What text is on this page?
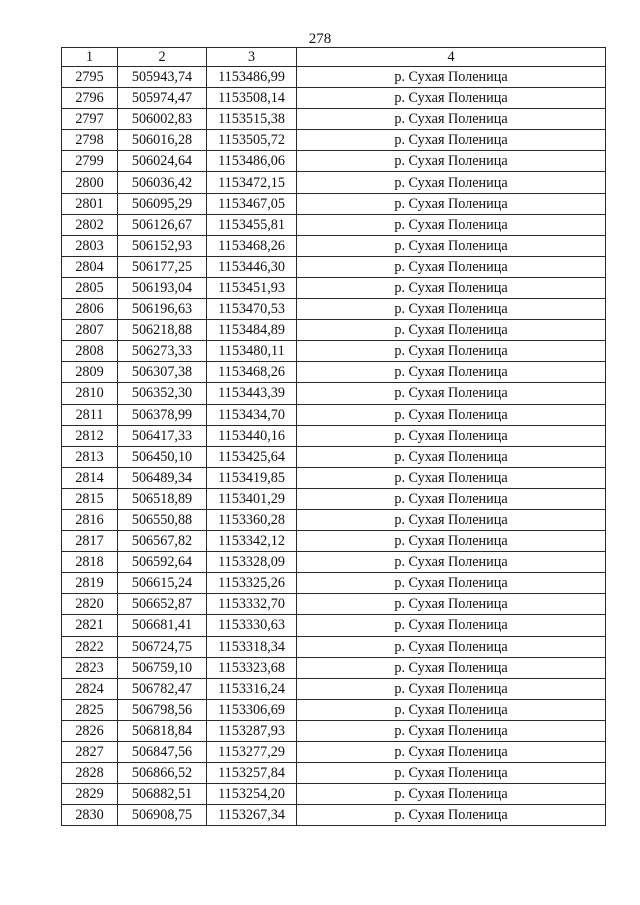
278
1	2	3	4
2795	505943,74	1153486,99	р. Сухая Поленица
2796	505974,47	1153508,14	р. Сухая Поленица
2797	506002,83	1153515,38	р. Сухая Поленица
2798	506016,28	1153505,72	р. Сухая Поленица
2799	506024,64	1153486,06	р. Сухая Поленица
2800	506036,42	1153472,15	р. Сухая Поленица
2801	506095,29	1153467,05	р. Сухая Поленица
2802	506126,67	1153455,81	р. Сухая Поленица
2803	506152,93	1153468,26	р. Сухая Поленица
2804	506177,25	1153446,30	р. Сухая Поленица
2805	506193,04	1153451,93	р. Сухая Поленица
2806	506196,63	1153470,53	р. Сухая Поленица
2807	506218,88	1153484,89	р. Сухая Поленица
2808	506273,33	1153480,11	р. Сухая Поленица
2809	506307,38	1153468,26	р. Сухая Поленица
2810	506352,30	1153443,39	р. Сухая Поленица
2811	506378,99	1153434,70	р. Сухая Поленица
2812	506417,33	1153440,16	р. Сухая Поленица
2813	506450,10	1153425,64	р. Сухая Поленица
2814	506489,34	1153419,85	р. Сухая Поленица
2815	506518,89	1153401,29	р. Сухая Поленица
2816	506550,88	1153360,28	р. Сухая Поленица
2817	506567,82	1153342,12	р. Сухая Поленица
2818	506592,64	1153328,09	р. Сухая Поленица
2819	506615,24	1153325,26	р. Сухая Поленица
2820	506652,87	1153332,70	р. Сухая Поленица
2821	506681,41	1153330,63	р. Сухая Поленица
2822	506724,75	1153318,34	р. Сухая Поленица
2823	506759,10	1153323,68	р. Сухая Поленица
2824	506782,47	1153316,24	р. Сухая Поленица
2825	506798,56	1153306,69	р. Сухая Поленица
2826	506818,84	1153287,93	р. Сухая Поленица
2827	506847,56	1153277,29	р. Сухая Поленица
2828	506866,52	1153257,84	р. Сухая Поленица
2829	506882,51	1153254,20	р. Сухая Поленица
2830	506908,75	1153267,34	р. Сухая Поленица
